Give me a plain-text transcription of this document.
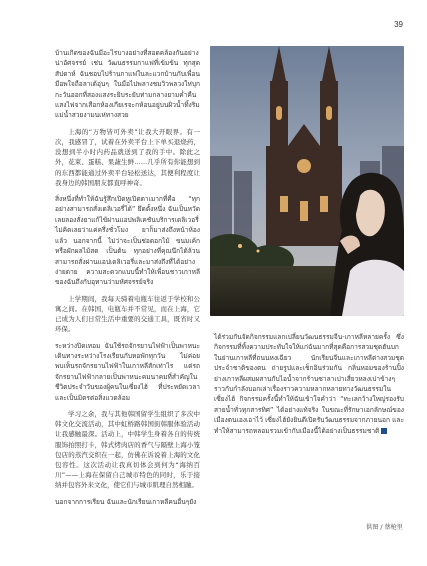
39

บ้านเกิดของฉันมีอะไรบางอย่างที่สอดคล้องกันอย่างน่าอัศจรรย์ เช่น วัฒนธรรมกาแฟที่เข้มข้น ทุกสุดสัปดาห์ ฉันชอบไปร้านกาแฟในละแวกบ้านกับเพื่อน มีอพใจถือลาเต้อุ่นๆ ในมือไปพลางชมวิวพลวงให่บุกกะวันออกที่สองแสงระยิบระยับท่ามกลางยามค่ำคืน แสงไฟจากเสือกห้องเกียเรจะกห้อนอยู่บนผิวน้ำทิ้งริมแม่น้ำสวยงามนเห่ทางสวย

上海的“万物皆可外卖”让我大开眼界。有一次，我感冒了，试着在外卖平台上下单买退烧药，没想到半小时内药品就送到了我的手中。除此之外，花束、蛋糕、果蔬生鲜……几乎所有你能想到的东西都能通过外卖平台轻松送达，其便利程度让我身边的韩国朋友都直呼神奇。

สิ่งหนึ่งที่ทำให้ฉันรู้สึกเปิดหูเปิดตาเมากที่คือ “ทุกอย่างสามารถสั่งเดลิเวอรี่ได้” ยึดตั้งหนึ่ง ฉันเป็นหวัด เลยลองสั่งยาแก้ไข้ผ่านแอปพลิเคชันบริการเดลิเวอรี่ ไม่คิดเลยว่าแค่ครึ่งชั่วโมง ยาก็มาส่งถึงหน้าห้องแล้ว นอกจากนี้ ไม่ว่าจะเป็นช่อดอกไม้ ขนมเค้ก หรือผักผลไม้สด เป็นต้น ทุกอย่างที่คุณนึกได้ล้วนสามารถสั่งผ่านแอปเดลิเวอรี่และมาส่งถึงที่ได้อย่างง่ายดาย ความสะดวกแบบนี้ทำให้เพื่อนชาวเกาหลีของฉันถึงกับอุทานว่ามหัศจรรย์จริง

上学期间，我每天骑着电瓶车往返于学校和公寓之间。在韩国，电瓶车并不常见，而在上海，它已成为人们日常生活中重要的交通工具，既省时又环保。

ระหว่างปิดเทอม ฉันใช้รถจักรยานไฟฟ้าเป็นพาหนะเดินทางระหว่างโรงเรียนกับหอพักทุกวัน ไม่ค่อยพบเห็นรถจักรยานไฟฟ้าในเกาหลีสักเท่าไร แต่รถจักรยานไฟฟ้ากลายเป็นพาหนะคมนาคมที่สำคัญในชีวิตประจำวันของผู้คนในเซี่ยงไฮ้ ที่ประหยัดเวลาและเป็นมิตรต่อสิ่งแวดล้อม

学习之余，我与其他韩国留学生组织了多次中韩文化交流活动，其中虹桥路韩国街韩服体验活动让我感触最深。活动上，中韩学生身着各自的传统服饰拍照打卡，韩式烤肉店的香气与隔壁上海小笼包店的蒸汽交织在一起，仿佛在诉说着上海的文化包容性。这次活动让我真切体会到何为“海纳百川”——上海在保留自己城市特色的同时，乐于接纳并包容外来文化，使它们与城市肌理自然相融。

นอกจากการเรียน ฉันและนักเรียนเกาหลีคนอื่นๆยัง

ได้ร่วมกันจัดกิจกรรมแลกเปลี่ยนวัฒนธรรมจีน-เกาหลีหลายครั้ง ซึ่งกิจกรรมที่ทิ้งความประทับใจให้แก่ฉันมากที่สุดคือการสวมชุดฮันบกในย่านเกาหลีที่ถนนหงเฉียว นักเรียนจีนและเกาหลีต่างสวมชุดประจำชาติของตน ถ่ายรูปและเช็กอินร่วมกัน กลิ่นหอมของร้านปิ้งย่างเกาหลีผสมผสานกับไอน้ำจากร้านซาลาเปาเสี่ยวหลงเปาข้างๆ ราวกับกำลังบอกเล่าเรื่องราวความหลากหลายทางวัฒนธรรมในเซี่ยงไฮ้ กิจกรรมครั้งนี้ทำให้ฉันเข้าใจคำว่า “ทะเลกว้างใหญ่รองรับสายน้ำทั่วทุกสารทิศ” ได้อย่างแท้จริง ในขณะที่รักษาเอกลักษณ์ของเมืองตนเองเอาไว้ เซี่ยงไฮ้ยังยินดีเปิดรับวัฒนธรรมจากภายนอก และทำให้สามารถหลอมรวมเข้ากับเมืองนี้ได้อย่างเป็นธรรมชาติ

供图 / 蔡枪里
